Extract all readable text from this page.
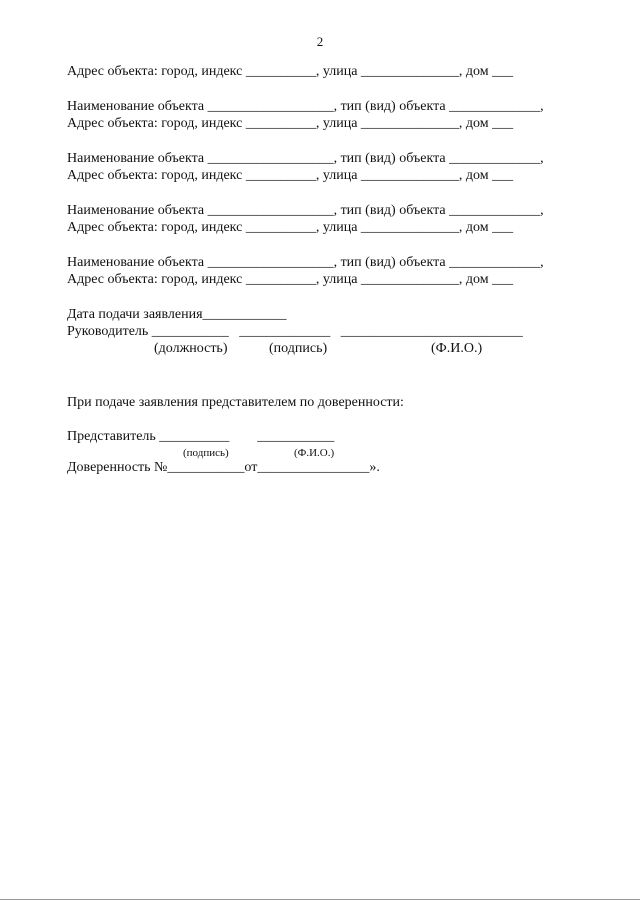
2
Адрес объекта: город, индекс __________, улица ______________, дом ___
Наименование объекта __________________, тип (вид) объекта _____________,
Адрес объекта: город, индекс __________, улица ______________, дом ___
Наименование объекта __________________, тип (вид) объекта _____________,
Адрес объекта: город, индекс __________, улица ______________, дом ___
Наименование объекта __________________, тип (вид) объекта _____________,
Адрес объекта: город, индекс __________, улица ______________, дом ___
Наименование объекта __________________, тип (вид) объекта _____________,
Адрес объекта: город, индекс __________, улица ______________, дом ___
Дата подачи заявления____________
Руководитель ___________   _____________   __________________________
(должность)	(подпись)	(Ф.И.О.)
При подаче заявления представителем по доверенности:
Представитель __________        ___________
(подпись)	(Ф.И.О.)
Доверенность №___________от________________».
